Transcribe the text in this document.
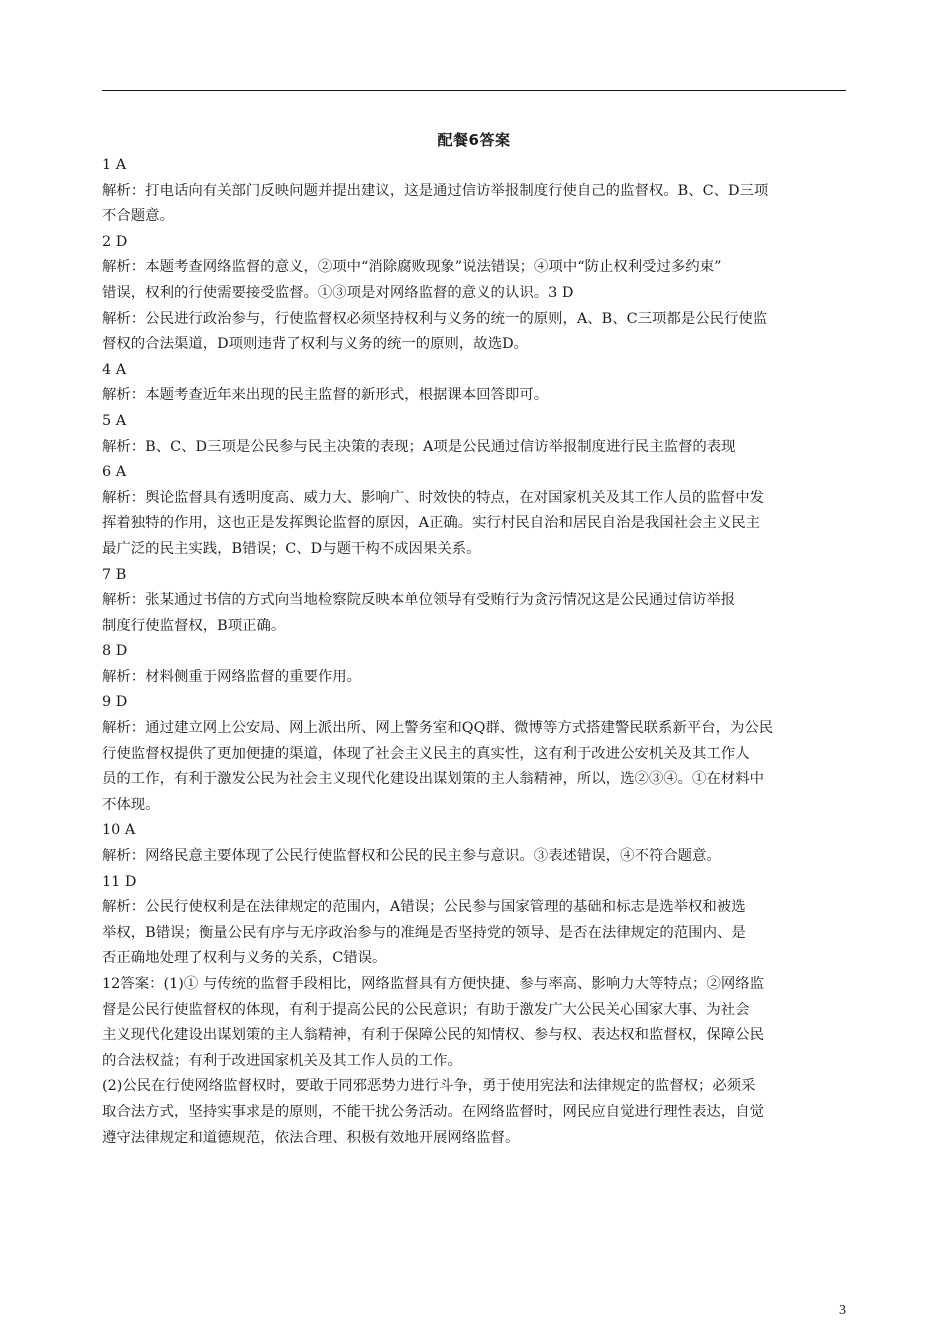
配餐6答案
1 A
解析：打电话向有关部门反映问题并提出建议，这是通过信访举报制度行使自己的监督权。B、C、D三项
不合题意。
2 D
解析：本题考查网络监督的意义，②项中“消除腐败现象”说法错误；④项中“防止权利受过多约束”
错误，权利的行使需要接受监督。①③项是对网络监督的意义的认识。3 D
解析：公民进行政治参与，行使监督权必须坚持权利与义务的统一的原则，A、B、C三项都是公民行使监
督权的合法渠道，D项则违背了权利与义务的统一的原则，故选D。
4 A
解析：本题考查近年来出现的民主监督的新形式，根据课本回答即可。
5 A
解析：B、C、D三项是公民参与民主决策的表现；A项是公民通过信访举报制度进行民主监督的表现
6 A
解析：舆论监督具有透明度高、威力大、影响广、时效快的特点，在对国家机关及其工作人员的监督中发
挥着独特的作用，这也正是发挥舆论监督的原因，A正确。实行村民自治和居民自治是我国社会主义民主
最广泛的民主实践，B错误；C、D与题干构不成因果关系。
7 B
解析：张某通过书信的方式向当地检察院反映本单位领导有受贿行为贪污情况这是公民通过信访举报
制度行使监督权，B项正确。
8 D
解析：材料侧重于网络监督的重要作用。
9 D
解析：通过建立网上公安局、网上派出所、网上警务室和QQ群、微博等方式搭建警民联系新平台，为公民
行使监督权提供了更加便捷的渠道，体现了社会主义民主的真实性，这有利于改进公安机关及其工作人
员的工作，有利于激发公民为社会主义现代化建设出谋划策的主人翁精神，所以，选②③④。①在材料中
不体现。
10 A
解析：网络民意主要体现了公民行使监督权和公民的民主参与意识。③表述错误，④不符合题意。
11 D
解析：公民行使权利是在法律规定的范围内，A错误；公民参与国家管理的基础和标志是选举权和被选
举权，B错误；衡量公民有序与无序政治参与的准绳是否坚持党的领导、是否在法律规定的范围内、是
否正确地处理了权利与义务的关系，C错误。
12答案：(1)① 与传统的监督手段相比，网络监督具有方便快捷、参与率高、影响力大等特点；②网络监
督是公民行使监督权的体现，有利于提高公民的公民意识；有助于激发广大公民关心国家大事、为社会
主义现代化建设出谋划策的主人翁精神，有利于保障公民的知情权、参与权、表达权和监督权，保障公民
的合法权益；有利于改进国家机关及其工作人员的工作。
(2)公民在行使网络监督权时，要敢于同邪恶势力进行斗争，勇于使用宪法和法律规定的监督权；必须采
取合法方式，坚持实事求是的原则，不能干扰公务活动。在网络监督时，网民应自觉进行理性表达，自觉
遵守法律规定和道德规范，依法合理、积极有效地开展网络监督。
3
